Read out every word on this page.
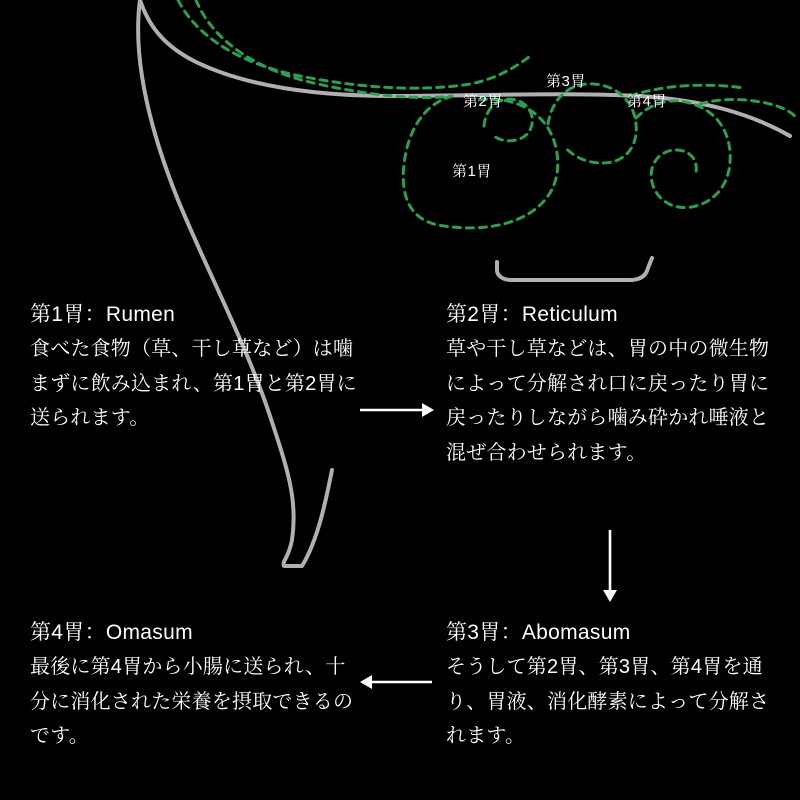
第1胃
第2胃
第3胃
第4胃
第1胃：Rumen
食べた食物（草、干し草など）は噛まずに飲み込まれ、第1胃と第2胃に送られます。
第2胃：Reticulum
草や干し草などは、胃の中の微生物によって分解され口に戻ったり胃に戻ったりしながら噛み砕かれ唾液と混ぜ合わせられます。
第3胃：Abomasum
そうして第2胃、第3胃、第4胃を通り、胃液、消化酵素によって分解されます。
第4胃：Omasum
最後に第4胃から小腸に送られ、十分に消化された栄養を摂取できるのです。
